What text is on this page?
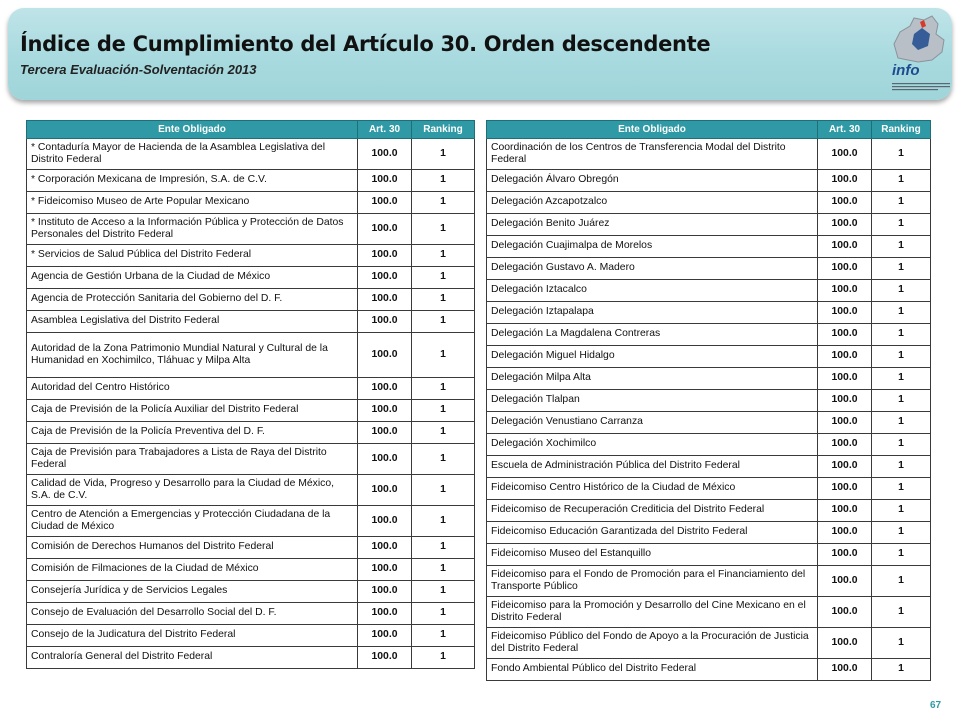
Índice de Cumplimiento del Artículo 30. Orden descendente
Tercera Evaluación-Solventación 2013	info
Ente Obligado	Art. 30	Ranking
* Contaduría Mayor de Hacienda de la Asamblea Legislativa del Distrito Federal	100.0	1
* Corporación Mexicana de Impresión, S.A. de C.V.	100.0	1
* Fideicomiso Museo de Arte Popular Mexicano	100.0	1
* Instituto de Acceso a la Información Pública y Protección de Datos Personales del Distrito Federal	100.0	1
* Servicios de Salud Pública del Distrito Federal	100.0	1
Agencia de Gestión Urbana de la Ciudad de México	100.0	1
Agencia de Protección Sanitaria del Gobierno del D. F.	100.0	1
Asamblea Legislativa del Distrito Federal	100.0	1
Autoridad de la Zona Patrimonio Mundial Natural y Cultural de la Humanidad en Xochimilco, Tláhuac y Milpa Alta	100.0	1
Autoridad del Centro Histórico	100.0	1
Caja de Previsión de la Policía Auxiliar del Distrito Federal	100.0	1
Caja de Previsión de la Policía Preventiva del D. F.	100.0	1
Caja de Previsión para Trabajadores a Lista de Raya del Distrito Federal	100.0	1
Calidad de Vida, Progreso y Desarrollo para la Ciudad de México, S.A. de C.V.	100.0	1
Centro de Atención a Emergencias y Protección Ciudadana de la Ciudad de México	100.0	1
Comisión de Derechos Humanos del Distrito Federal	100.0	1
Comisión de Filmaciones de la Ciudad de México	100.0	1
Consejería Jurídica y de Servicios Legales	100.0	1
Consejo de Evaluación del Desarrollo Social del D. F.	100.0	1
Consejo de la Judicatura del Distrito Federal	100.0	1
Contraloría General del Distrito Federal	100.0	1
Ente Obligado	Art. 30	Ranking
Coordinación de los Centros de Transferencia Modal del Distrito Federal	100.0	1
Delegación Álvaro Obregón	100.0	1
Delegación Azcapotzalco	100.0	1
Delegación Benito Juárez	100.0	1
Delegación Cuajimalpa de Morelos	100.0	1
Delegación Gustavo A. Madero	100.0	1
Delegación Iztacalco	100.0	1
Delegación Iztapalapa	100.0	1
Delegación La Magdalena Contreras	100.0	1
Delegación Miguel Hidalgo	100.0	1
Delegación Milpa Alta	100.0	1
Delegación Tlalpan	100.0	1
Delegación Venustiano Carranza	100.0	1
Delegación Xochimilco	100.0	1
Escuela de Administración Pública del Distrito Federal	100.0	1
Fideicomiso Centro Histórico de la Ciudad de México	100.0	1
Fideicomiso de Recuperación Crediticia del Distrito Federal	100.0	1
Fideicomiso Educación Garantizada del Distrito Federal	100.0	1
Fideicomiso Museo del Estanquillo	100.0	1
Fideicomiso para el Fondo de Promoción para el Financiamiento del Transporte Público	100.0	1
Fideicomiso para la Promoción y Desarrollo del Cine Mexicano en el Distrito Federal	100.0	1
Fideicomiso Público del Fondo de Apoyo a la Procuración de Justicia del Distrito Federal	100.0	1
Fondo Ambiental Público del Distrito Federal	100.0	1
67
